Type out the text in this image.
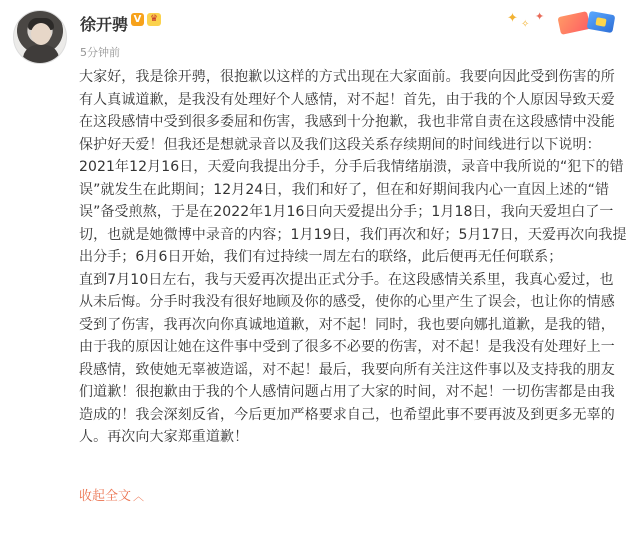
徐开骋 V ♛
5分钟前
✦ ✧
✦

大家好，我是徐开骋，很抱歉以这样的方式出现在大家面前。我要向因此受到伤害的所有人真诚道歉，是我没有处理好个人感情，对不起！首先，由于我的个人原因导致天爱在这段感情中受到很多委屈和伤害，我感到十分抱歉，我也非常自责在这段感情中没能保护好天爱！但我还是想就录音以及我们这段关系存续期间的时间线进行以下说明：2021年12月16日，天爱向我提出分手，分手后我情绪崩溃，录音中我所说的“犯下的错误”就发生在此期间；12月24日，我们和好了，但在和好期间我内心一直因上述的“错误”备受煎熬，于是在2022年1月16日向天爱提出分手；1月18日，我向天爱坦白了一切，也就是她微博中录音的内容；1月19日，我们再次和好；5月17日，天爱再次向我提出分手；6月6日开始，我们有过持续一周左右的联络，此后便再无任何联系；

直到7月10日左右，我与天爱再次提出正式分手。在这段感情关系里，我真心爱过，也从未后悔。分手时我没有很好地顾及你的感受，使你的心里产生了误会，也让你的情感受到了伤害，我再次向你真诚地道歉，对不起！同时，我也要向娜扎道歉，是我的错，由于我的原因让她在这件事中受到了很多不必要的伤害，对不起！是我没有处理好上一段感情，致使她无辜被造谣，对不起！最后，我要向所有关注这件事以及支持我的朋友们道歉！很抱歉由于我的个人感情问题占用了大家的时间，对不起！一切伤害都是由我造成的！我会深刻反省，今后更加严格要求自己，也希望此事不要再波及到更多无辜的人。再次向大家郑重道歉！

收起全文 ︿
